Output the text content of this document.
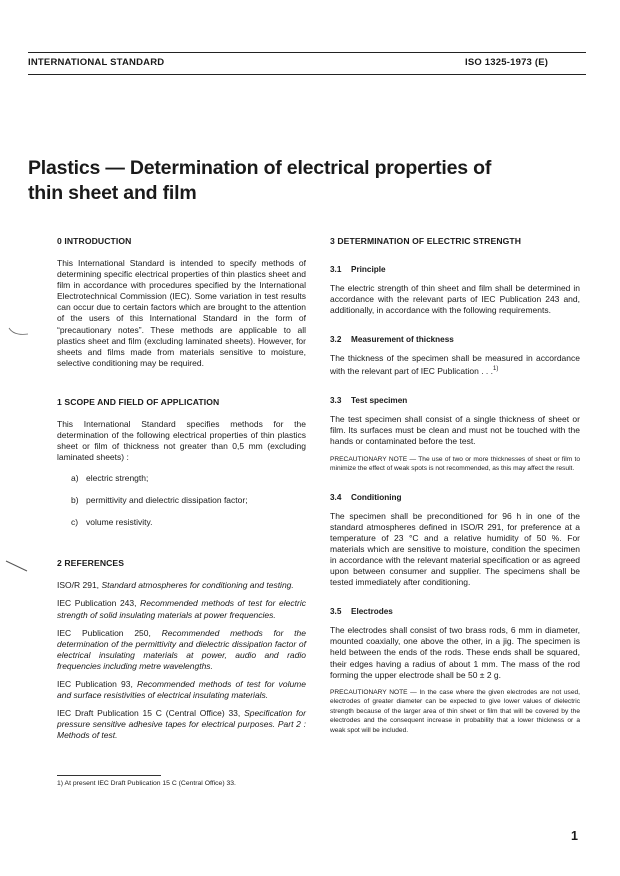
INTERNATIONAL STANDARD	ISO 1325-1973 (E)
Plastics — Determination of electrical properties of
thin sheet and film
0 INTRODUCTION

This International Standard is intended to specify methods of determining specific electrical properties of thin plastics sheet and film in accordance with procedures specified by the International Electrotechnical Commission (IEC). Some variation in test results can occur due to certain factors which are brought to the attention of the users of this International Standard in the form of “precautionary notes”. These methods are applicable to all plastics sheet and film (excluding laminated sheets). However, for sheets and films made from materials sensitive to moisture, selective conditioning may be required.

1 SCOPE AND FIELD OF APPLICATION

This International Standard specifies methods for the determination of the following electrical properties of thin plastics sheet or film of thickness not greater than 0,5 mm (excluding laminated sheets) :

a) electric strength;
b) permittivity and dielectric dissipation factor;
c) volume resistivity.
2 REFERENCES

ISO/R 291, Standard atmospheres for conditioning and testing.

IEC Publication 243, Recommended methods of test for electric strength of solid insulating materials at power frequencies.

IEC Publication 250, Recommended methods for the determination of the permittivity and dielectric dissipation factor of electrical insulating materials at power, audio and radio frequencies including metre wavelengths.

IEC Publication 93, Recommended methods of test for volume and surface resistivities of electrical insulating materials.

IEC Draft Publication 15 C (Central Office) 33, Specification for pressure sensitive adhesive tapes for electrical purposes. Part 2 : Methods of test.

3 DETERMINATION OF ELECTRIC STRENGTH
3.1 Principle

The electric strength of thin sheet and film shall be determined in accordance with the relevant parts of IEC Publication 243 and, additionally, in accordance with the following requirements.

3.2 Measurement of thickness

The thickness of the specimen shall be measured in accordance with the relevant part of IEC Publication . . .$^{1)}$

3.3 Test specimen

The test specimen shall consist of a single thickness of sheet or film. Its surfaces must be clean and must not be touched with the hands or contaminated before the test.

PRECAUTIONARY NOTE — The use of two or more thicknesses of sheet or film to minimize the effect of weak spots is not recommended, as this may affect the result.

3.4 Conditioning

The specimen shall be preconditioned for 96 h in one of the standard atmospheres defined in ISO/R 291, for preference at a temperature of 23 °C and a relative humidity of 50 %. For materials which are sensitive to moisture, condition the specimen in accordance with the relevant material specification or as agreed upon between consumer and supplier. The specimens shall be tested immediately after conditioning.

3.5 Electrodes

The electrodes shall consist of two brass rods, 6 mm in diameter, mounted coaxially, one above the other, in a jig. The specimen is held between the ends of the rods. These ends shall be squared, their edges having a radius of about 1 mm. The mass of the rod forming the upper electrode shall be 50 ± 2 g.

PRECAUTIONARY NOTE — In the case where the given electrodes are not used, electrodes of greater diameter can be expected to give lower values of dielectric strength because of the larger area of thin sheet or film that will be covered by the electrodes and the consequent increase in probability that a lower thickness or a weak spot will be included.

1) At present IEC Draft Publication 15 C (Central Office) 33.
1
